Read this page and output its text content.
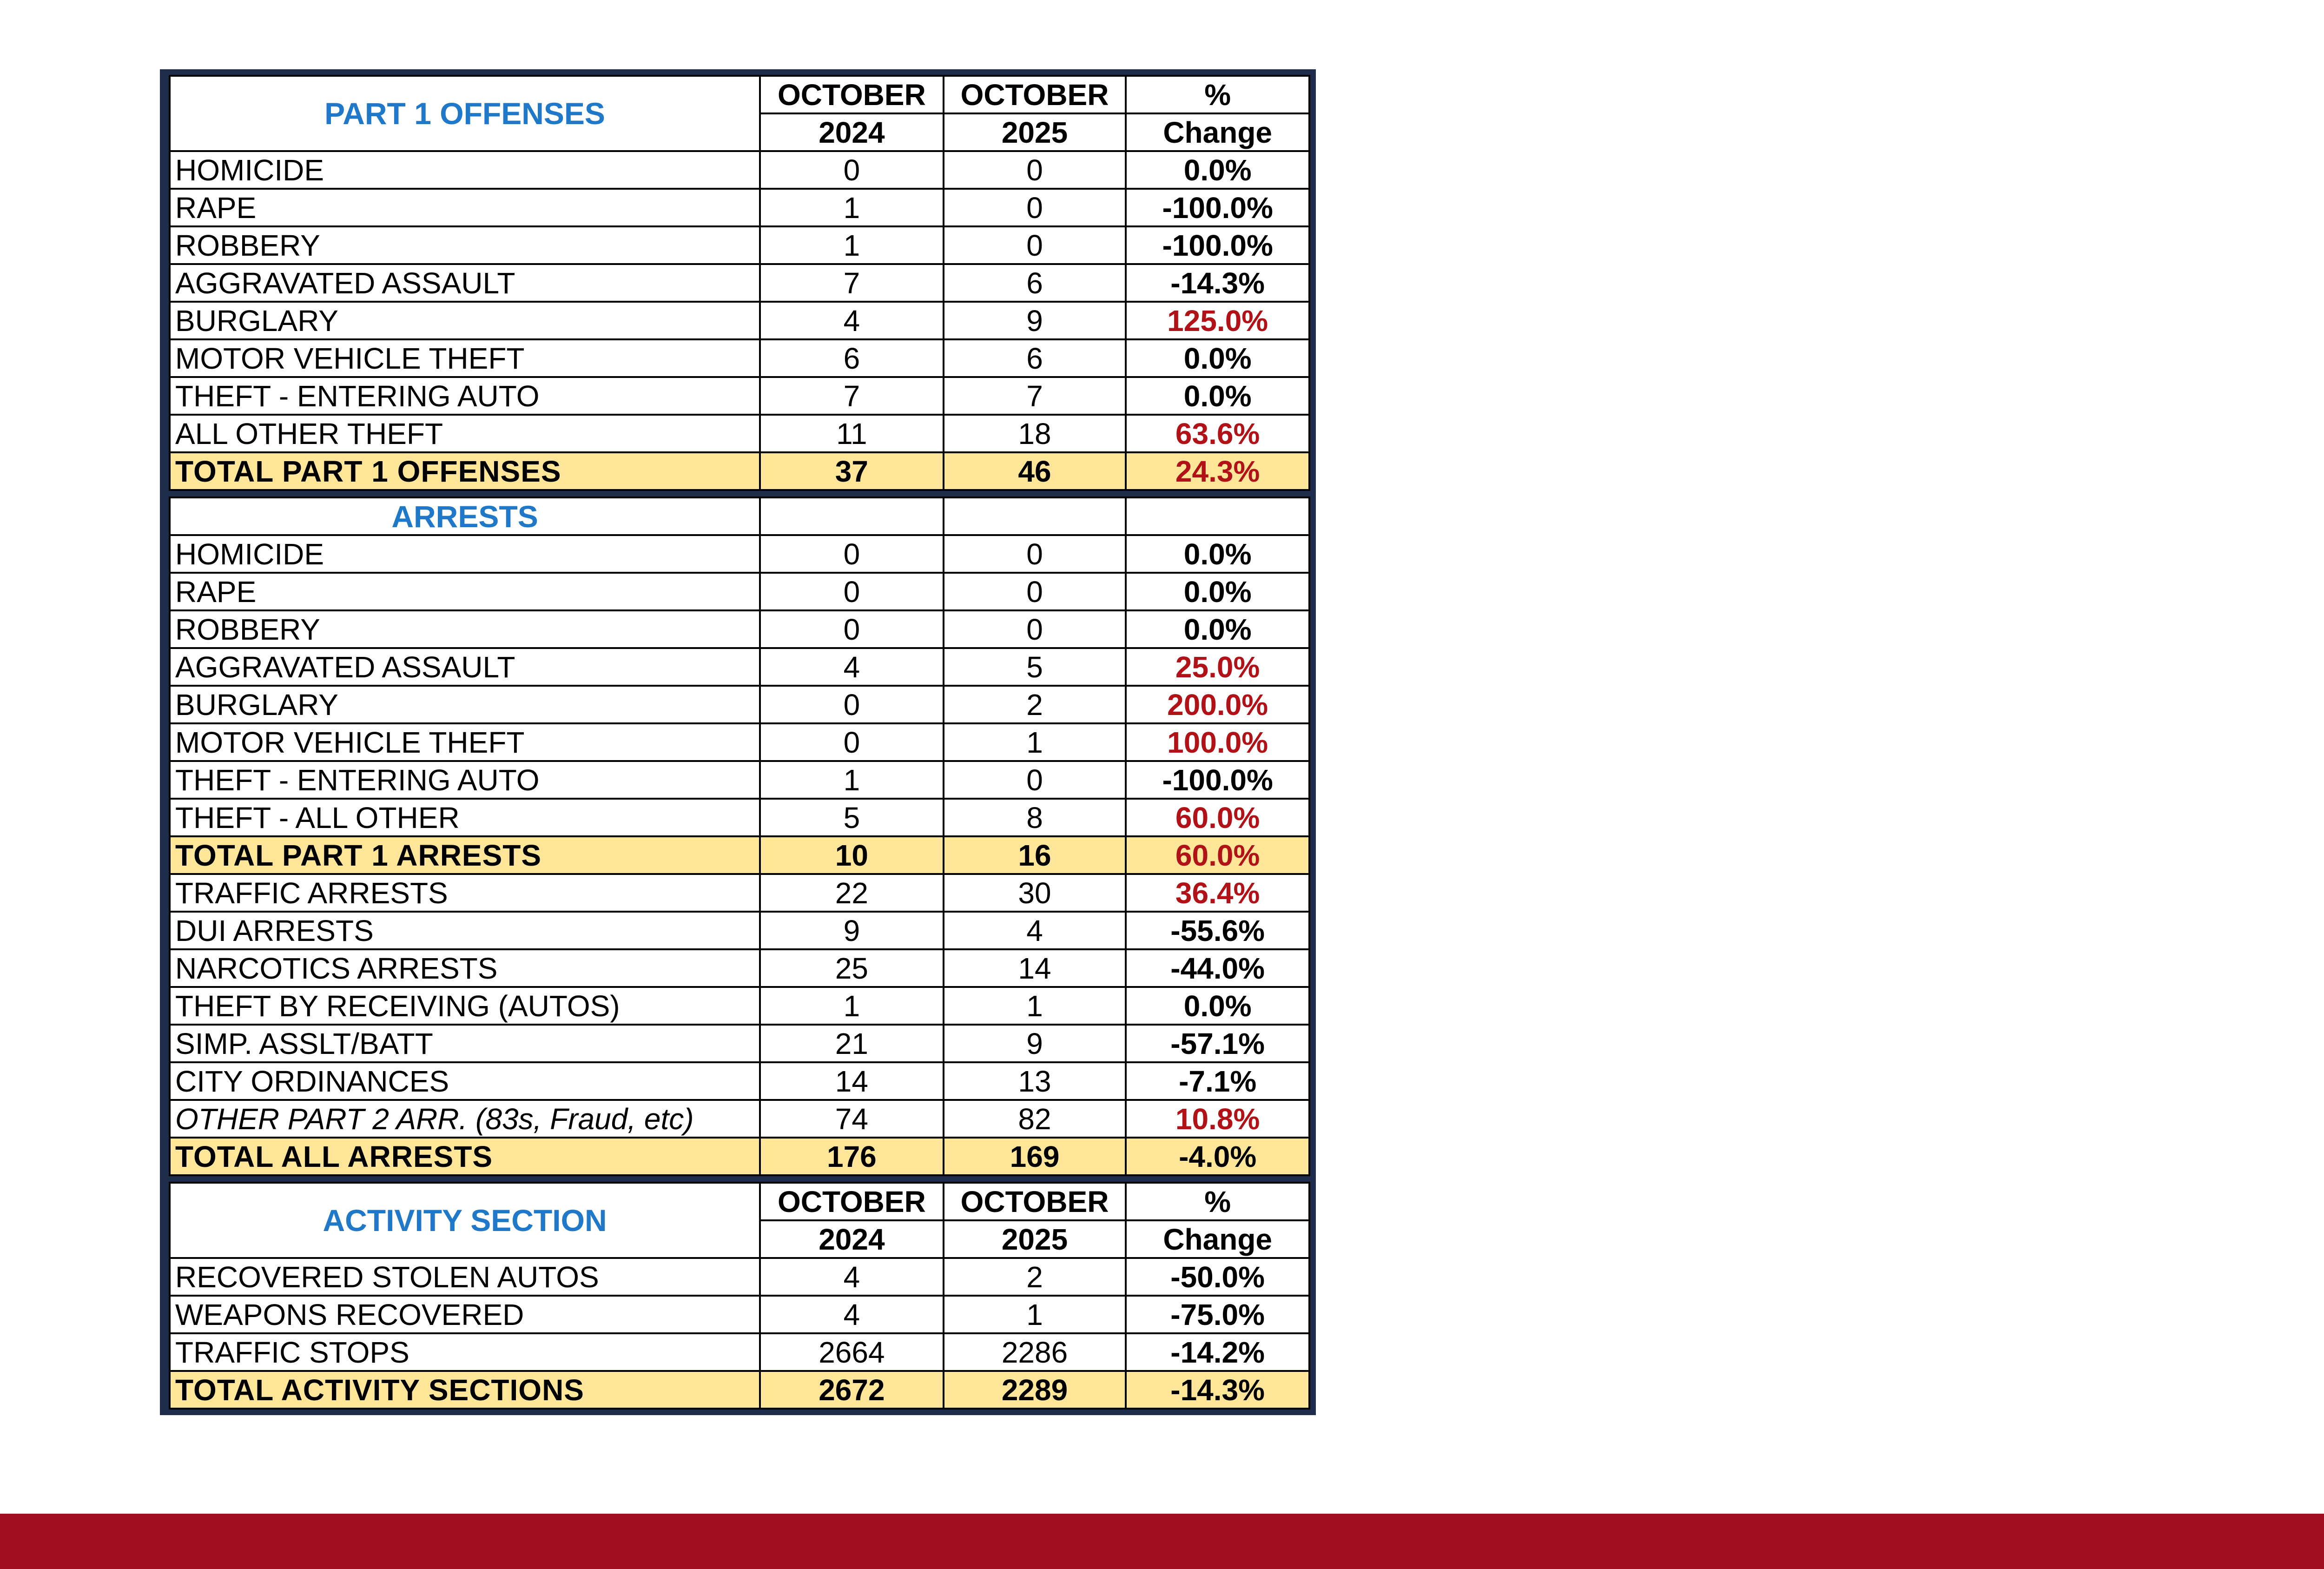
PART 1 OFFENSES	OCTOBER	OCTOBER	%
	2024	2025	Change
HOMICIDE	0	0	0.0%
RAPE	1	0	-100.0%
ROBBERY	1	0	-100.0%
AGGRAVATED ASSAULT	7	6	-14.3%
BURGLARY	4	9	125.0%
MOTOR VEHICLE THEFT	6	6	0.0%
THEFT - ENTERING AUTO	7	7	0.0%
ALL OTHER THEFT	11	18	63.6%
TOTAL PART 1 OFFENSES	37	46	24.3%
ARRESTS			
HOMICIDE	0	0	0.0%
RAPE	0	0	0.0%
ROBBERY	0	0	0.0%
AGGRAVATED ASSAULT	4	5	25.0%
BURGLARY	0	2	200.0%
MOTOR VEHICLE THEFT	0	1	100.0%
THEFT - ENTERING AUTO	1	0	-100.0%
THEFT - ALL OTHER	5	8	60.0%
TOTAL PART 1 ARRESTS	10	16	60.0%
TRAFFIC ARRESTS	22	30	36.4%
DUI ARRESTS	9	4	-55.6%
NARCOTICS ARRESTS	25	14	-44.0%
THEFT BY RECEIVING (AUTOS)	1	1	0.0%
SIMP. ASSLT/BATT	21	9	-57.1%
CITY ORDINANCES	14	13	-7.1%
OTHER PART 2 ARR. (83s, Fraud, etc)	74	82	10.8%
TOTAL ALL ARRESTS	176	169	-4.0%
ACTIVITY SECTION	OCTOBER	OCTOBER	%
	2024	2025	Change
RECOVERED STOLEN AUTOS	4	2	-50.0%
WEAPONS RECOVERED	4	1	-75.0%
TRAFFIC STOPS	2664	2286	-14.2%
TOTAL ACTIVITY SECTIONS	2672	2289	-14.3%
